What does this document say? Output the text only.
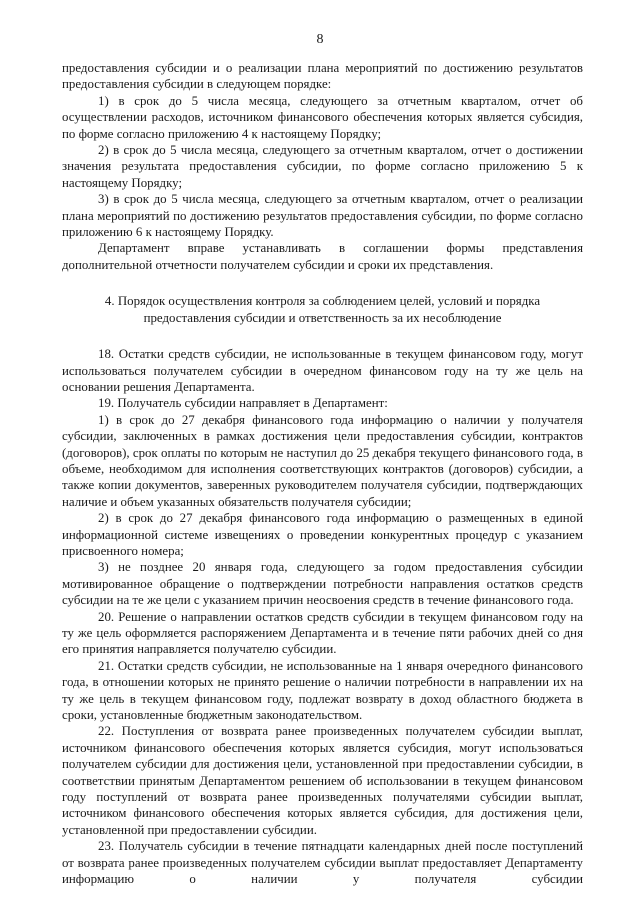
8

предоставления субсидии и о реализации плана мероприятий по достижению результатов предоставления субсидии в следующем порядке:

1) в срок до 5 числа месяца, следующего за отчетным кварталом, отчет об осуществлении расходов, источником финансового обеспечения которых является субсидия, по форме согласно приложению 4 к настоящему Порядку;

2) в срок до 5 числа месяца, следующего за отчетным кварталом, отчет о достижении значения результата предоставления субсидии, по форме согласно приложению 5 к настоящему Порядку;

3) в срок до 5 числа месяца, следующего за отчетным кварталом, отчет о реализации плана мероприятий по достижению результатов предоставления субсидии, по форме согласно приложению 6 к настоящему Порядку.

Департамент вправе устанавливать в соглашении формы представления дополнительной отчетности получателем субсидии и сроки их представления.

4. Порядок осуществления контроля за соблюдением целей, условий и порядка
предоставления субсидии и ответственность за их несоблюдение

18. Остатки средств субсидии, не использованные в текущем финансовом году, могут использоваться получателем субсидии в очередном финансовом году на ту же цель на основании решения Департамента.

19. Получатель субсидии направляет в Департамент:

1) в срок до 27 декабря финансового года информацию о наличии у получателя субсидии, заключенных в рамках достижения цели предоставления субсидии, контрактов (договоров), срок оплаты по которым не наступил до 25 декабря текущего финансового года, в объеме, необходимом для исполнения соответствующих контрактов (договоров) субсидии, а также копии документов, заверенных руководителем получателя субсидии, подтверждающих наличие и объем указанных обязательств получателя субсидии;

2) в срок до 27 декабря финансового года информацию о размещенных в единой информационной системе извещениях о проведении конкурентных процедур с указанием присвоенного номера;

3) не позднее 20 января года, следующего за годом предоставления субсидии мотивированное обращение о подтверждении потребности направления остатков средств субсидии на те же цели с указанием причин неосвоения средств в течение финансового года.

20. Решение о направлении остатков средств субсидии в текущем финансовом году на ту же цель оформляется распоряжением Департамента и в течение пяти рабочих дней со дня его принятия направляется получателю субсидии.

21. Остатки средств субсидии, не использованные на 1 января очередного финансового года, в отношении которых не принято решение о наличии потребности в направлении их на ту же цель в текущем финансовом году, подлежат возврату в доход областного бюджета в сроки, установленные бюджетным законодательством.

22. Поступления от возврата ранее произведенных получателем субсидии выплат, источником финансового обеспечения которых является субсидия, могут использоваться получателем субсидии для достижения цели, установленной при предоставлении субсидии, в соответствии принятым Департаментом решением об использовании в текущем финансовом году поступлений от возврата ранее произведенных получателями субсидии выплат, источником финансового обеспечения которых является субсидия, для достижения цели, установленной при предоставлении субсидии.

23. Получатель субсидии в течение пятнадцати календарных дней после поступлений от возврата ранее произведенных получателем субсидии выплат предоставляет Департаменту информацию о наличии у получателя субсидии
